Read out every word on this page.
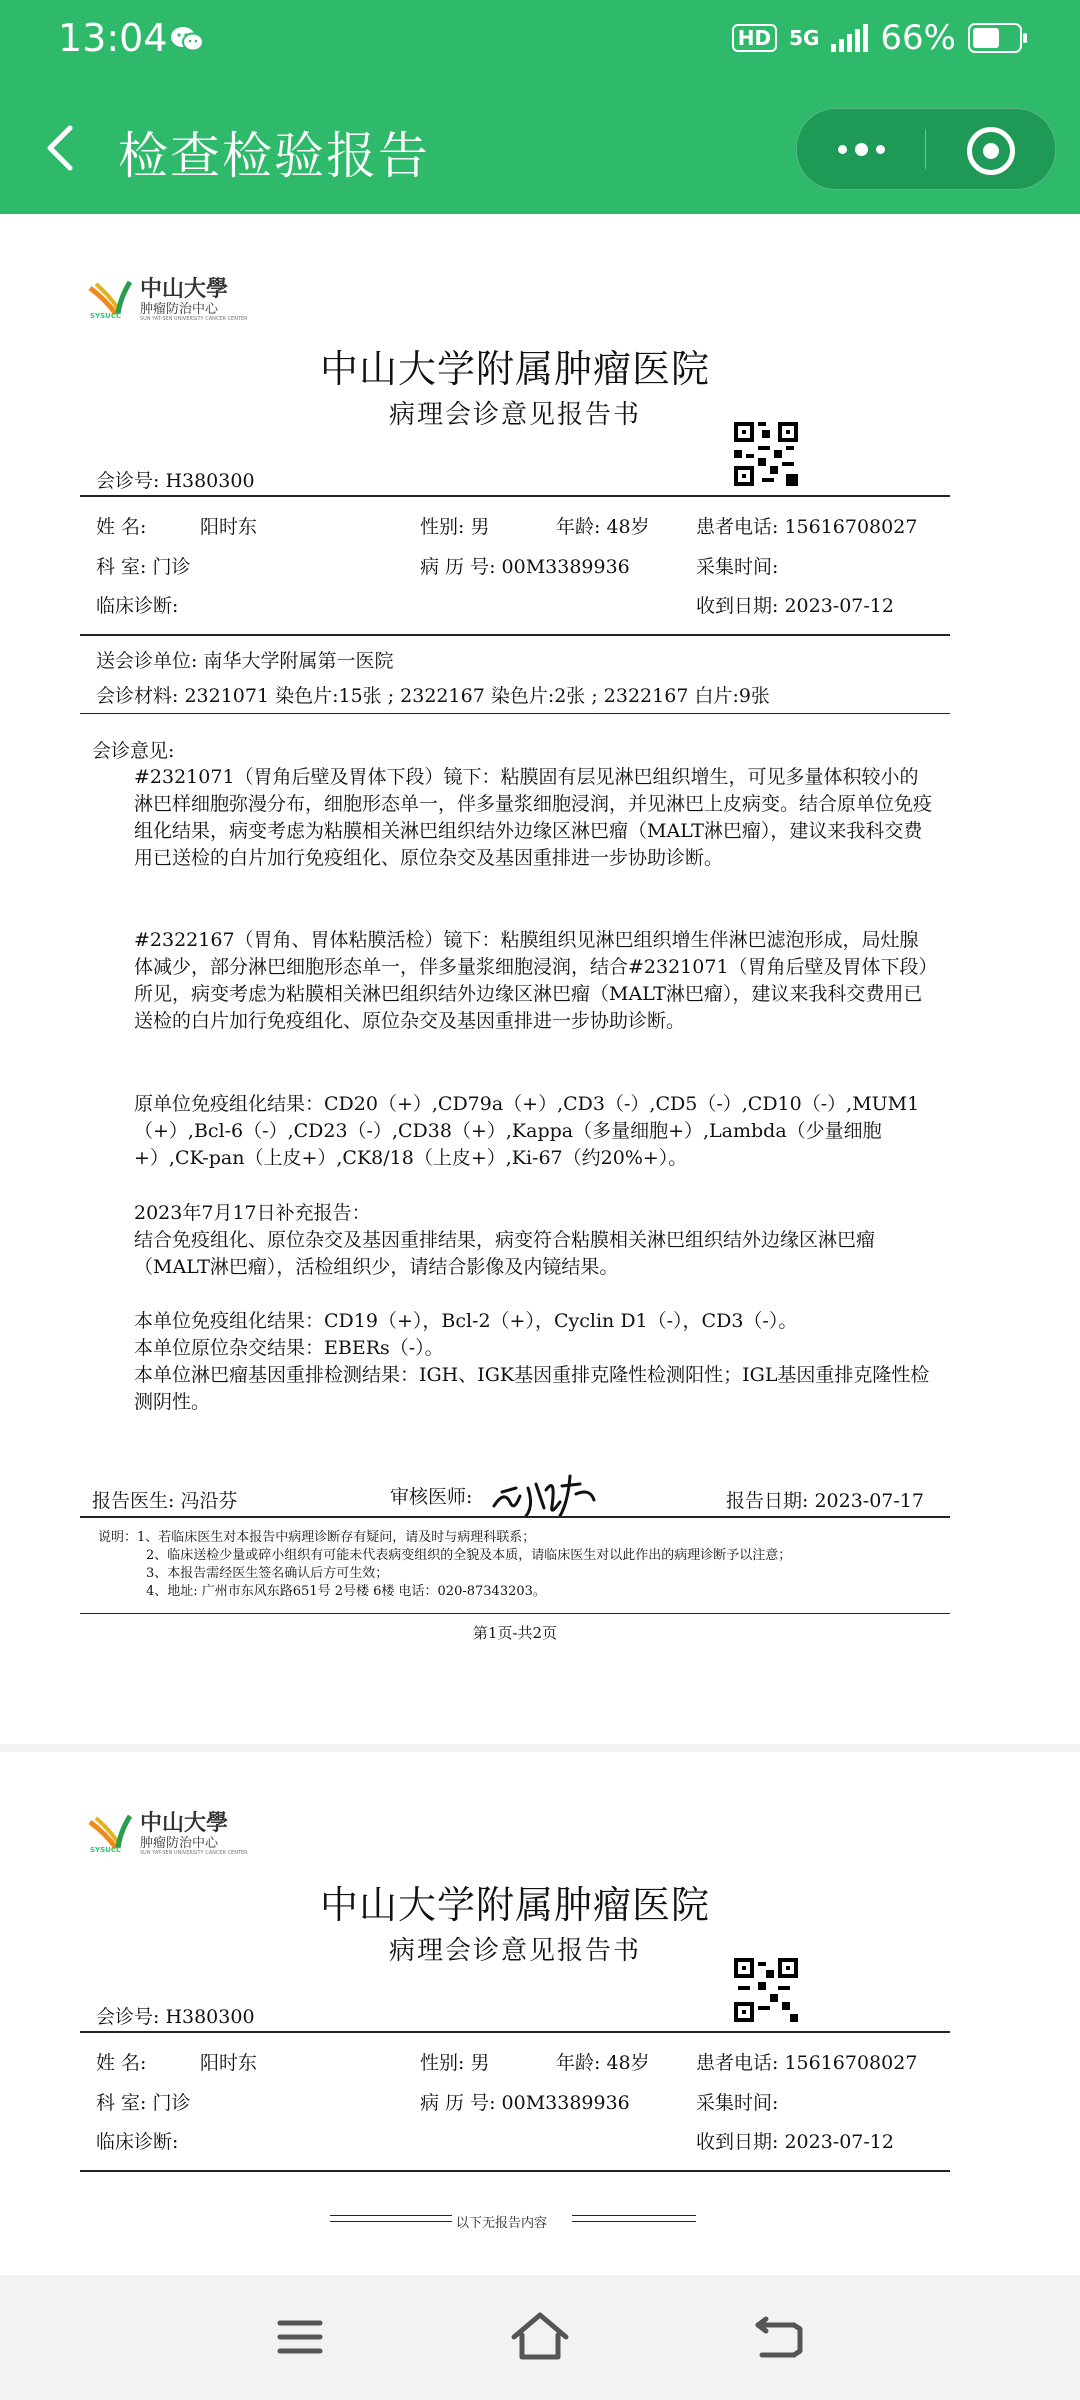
13:04	HD 5G 66%
检查检验报告
SYSUCC
中山大學
肿瘤防治中心
SUN YAT-SEN UNIVERSITY CANCER CENTER
中山大学附属肿瘤医院
病理会诊意见报告书
会诊号: H380300
姓 名:	阳时东	性别: 男	年龄: 48岁 患者电话: 15616708027
科 室: 门诊	病 历 号: 00M3389936	采集时间:
临床诊断:	收到日期: 2023-07-12
送会诊单位: 南华大学附属第一医院
会诊材料: 2321071 染色片:15张 ; 2322167 染色片:2张 ; 2322167 白片:9张
会诊意见:
#2321071（胃角后壁及胃体下段）镜下：粘膜固有层见淋巴组织增生，可见多量体积较小的淋巴样细胞弥漫分布，细胞形态单一，伴多量浆细胞浸润，并见淋巴上皮病变。结合原单位免疫组化结果，病变考虑为粘膜相关淋巴组织结外边缘区淋巴瘤（MALT淋巴瘤），建议来我科交费用已送检的白片加行免疫组化、原位杂交及基因重排进一步协助诊断。
#2322167（胃角、胃体粘膜活检）镜下：粘膜组织见淋巴组织增生伴淋巴滤泡形成，局灶腺体减少，部分淋巴细胞形态单一，伴多量浆细胞浸润，结合#2321071（胃角后壁及胃体下段）所见，病变考虑为粘膜相关淋巴组织结外边缘区淋巴瘤（MALT淋巴瘤），建议来我科交费用已送检的白片加行免疫组化、原位杂交及基因重排进一步协助诊断。
原单位免疫组化结果：CD20（+）,CD79a（+）,CD3（-）,CD5（-）,CD10（-）,MUM1（+）,Bcl-6（-）,CD23（-）,CD38（+）,Kappa（多量细胞+）,Lambda（少量细胞+）,CK-pan（上皮+）,CK8/18（上皮+）,Ki-67（约20%+）。
2023年7月17日补充报告：
结合免疫组化、原位杂交及基因重排结果，病变符合粘膜相关淋巴组织结外边缘区淋巴瘤（MALT淋巴瘤），活检组织少，请结合影像及内镜结果。
本单位免疫组化结果：CD19（+），Bcl-2（+），Cyclin D1（-），CD3（-）。
本单位原位杂交结果：EBERs（-）。
本单位淋巴瘤基因重排检测结果：IGH、IGK基因重排克隆性检测阳性；IGL基因重排克隆性检测阴性。
报告医生: 冯沿芬	审核医师:	报告日期: 2023-07-17
说明：1、若临床医生对本报告中病理诊断存有疑问，请及时与病理科联系；
2、临床送检少量或碎小组织有可能未代表病变组织的全貌及本质，请临床医生对以此作出的病理诊断予以注意；
3、本报告需经医生签名确认后方可生效；
4、地址: 广州市东风东路651号 2号楼 6楼 电话：020-87343203。
第1页-共2页
SYSUCC
中山大學
肿瘤防治中心
SUN YAT-SEN UNIVERSITY CANCER CENTER
中山大学附属肿瘤医院
病理会诊意见报告书
会诊号: H380300
姓 名:	阳时东	性别: 男	年龄: 48岁 患者电话: 15616708027
科 室: 门诊	病 历 号: 00M3389936	采集时间:
临床诊断:	收到日期: 2023-07-12
以下无报告内容
